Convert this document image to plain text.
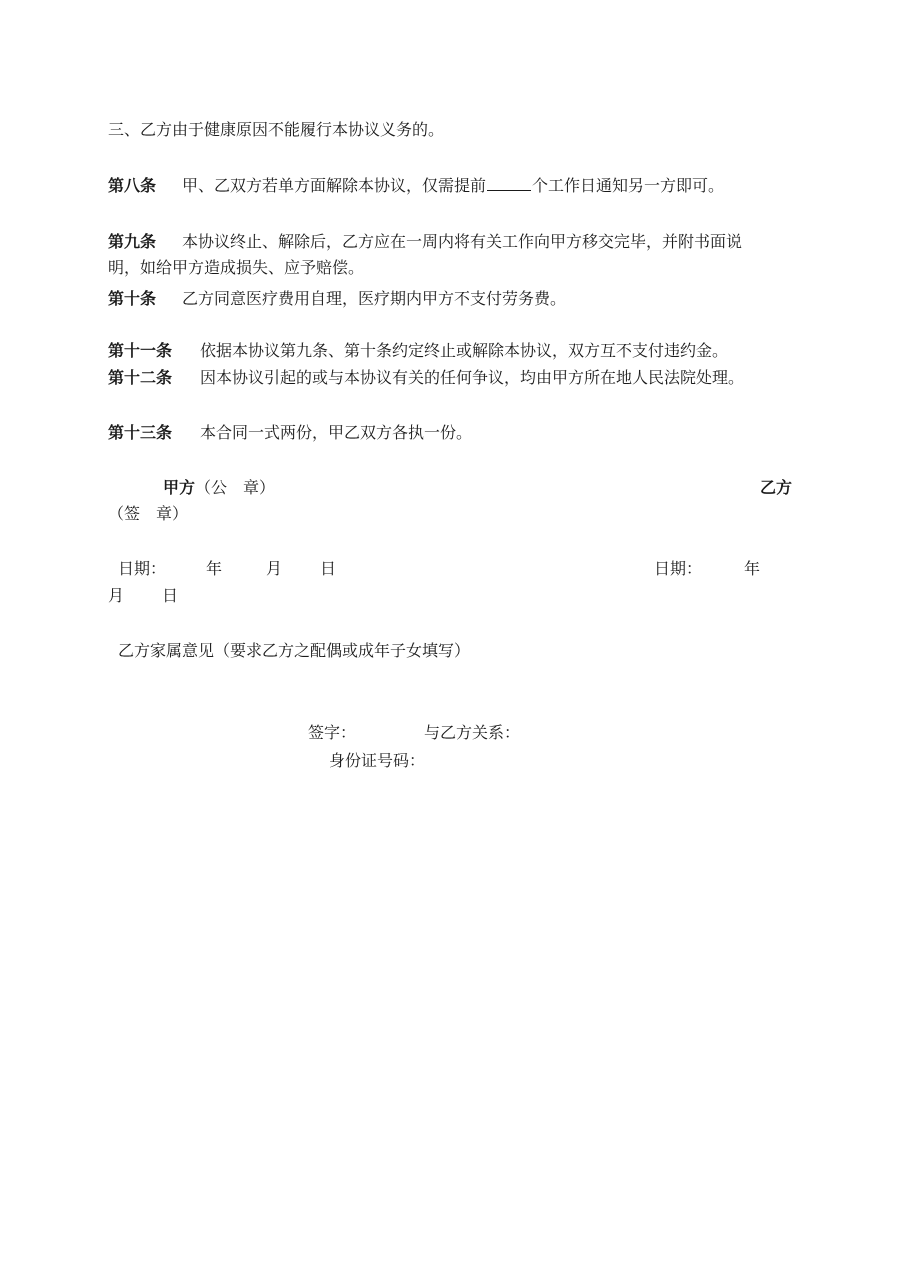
三、乙方由于健康原因不能履行本协议义务的。
第八条 甲、乙双方若单方面解除本协议，仅需提前	个工作日通知另一方即可。
第九条 本协议终止、解除后，乙方应在一周内将有关工作向甲方移交完毕，并附书面说
明，如给甲方造成损失、应予赔偿。
第十条 乙方同意医疗费用自理，医疗期内甲方不支付劳务费。
第十一条 依据本协议第九条、第十条约定终止或解除本协议，双方互不支付违约金。
第十二条 因本协议引起的或与本协议有关的任何争议，均由甲方所在地人民法院处理。
第十三条 本合同一式两份，甲乙双方各执一份。
甲方（公　章）	乙方
（签　章）
日期：	年	月 日	日期：	年
月 日
乙方家属意见（要求乙方之配偶或成年子女填写）
签字：	与乙方关系：
身份证号码：
